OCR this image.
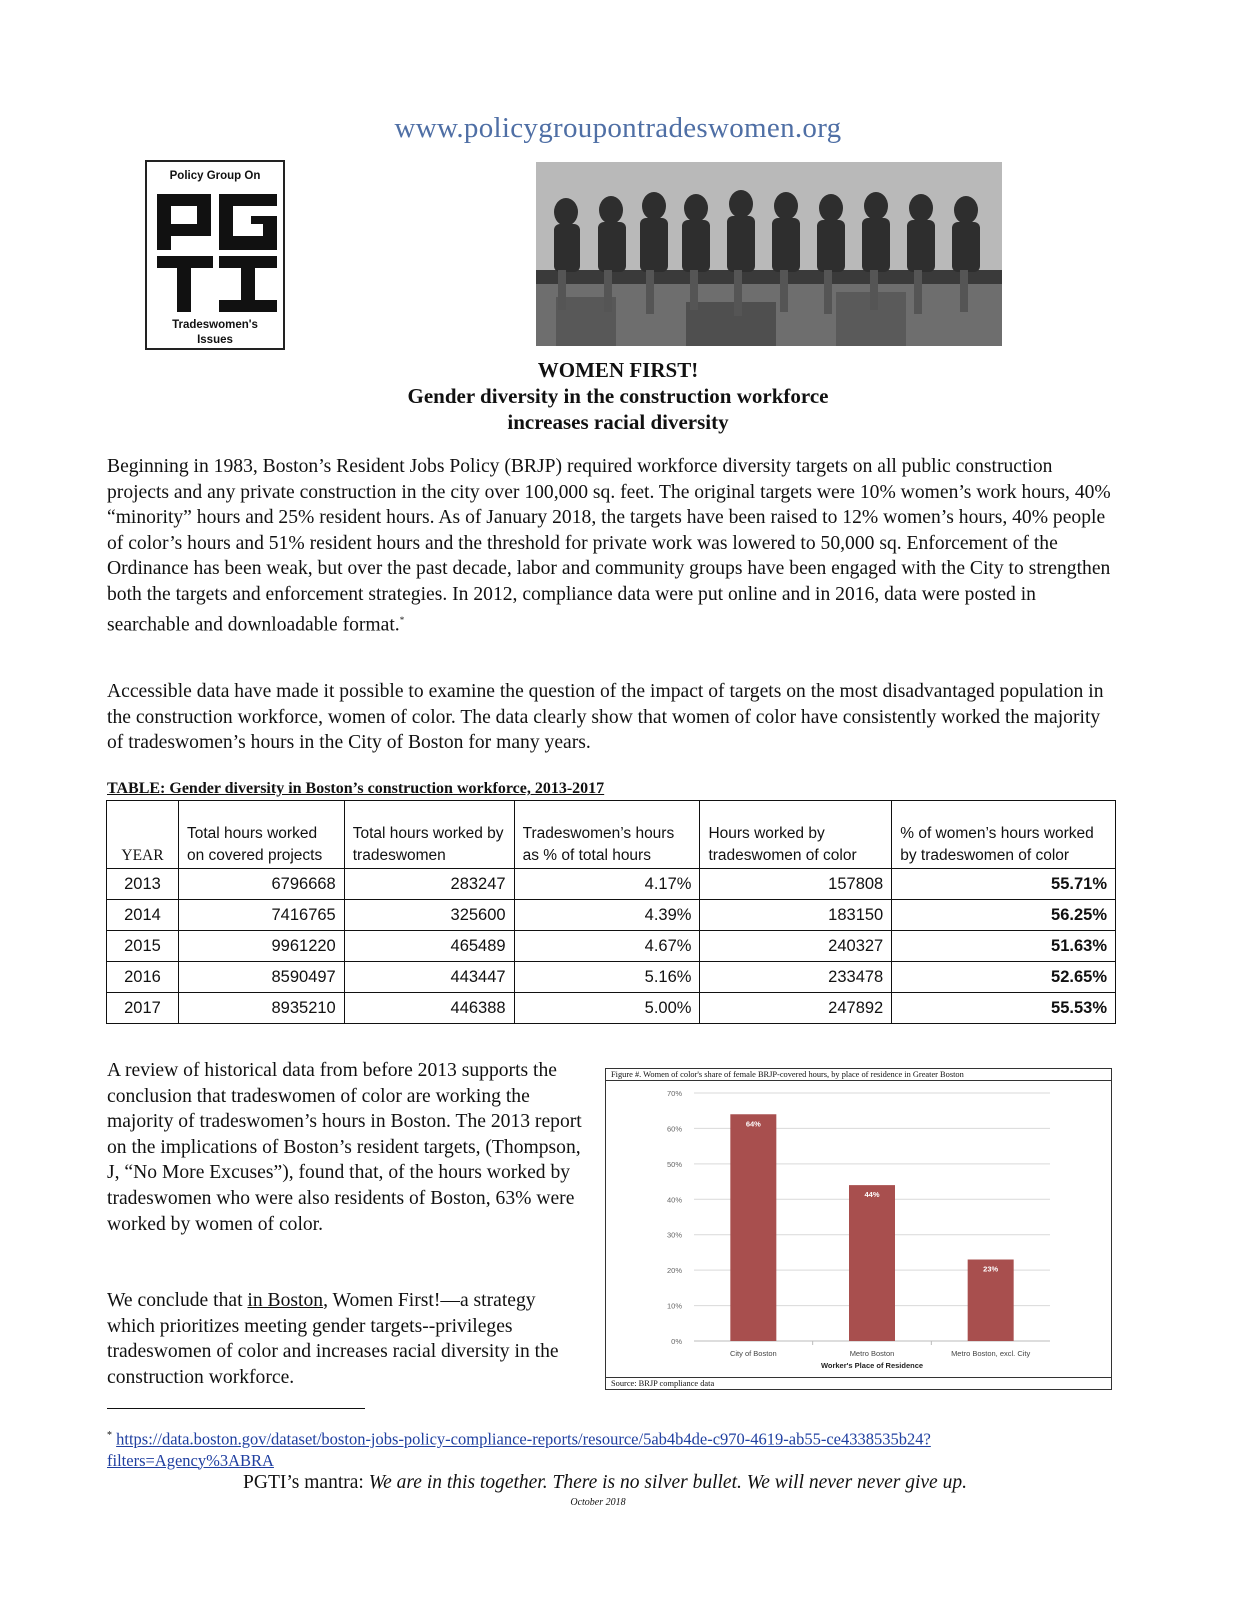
www.policygroupontradeswomen.org
Policy Group On
Tradeswomen's
Issues
WOMEN FIRST!
Gender diversity in the construction workforce
increases racial diversity
Beginning in 1983, Boston’s Resident Jobs Policy (BRJP) required workforce diversity targets on all public construction projects and any private construction in the city over 100,000 sq. feet. The original targets were 10% women’s work hours, 40% “minority” hours and 25% resident hours. As of January 2018, the targets have been raised to 12% women’s hours, 40% people of color’s hours and 51% resident hours and the threshold for private work was lowered to 50,000 sq. Enforcement of the Ordinance has been weak, but over the past decade, labor and community groups have been engaged with the City to strengthen both the targets and enforcement strategies. In 2012, compliance data were put online and in 2016, data were posted in searchable and downloadable format.*
Accessible data have made it possible to examine the question of the impact of targets on the most disadvantaged population in the construction workforce, women of color. The data clearly show that women of color have consistently worked the majority of tradeswomen’s hours in the City of Boston for many years.
TABLE: Gender diversity in Boston’s construction workforce, 2013-2017
YEAR	Total hours worked on covered projects	Total hours worked by tradeswomen	Tradeswomen’s hours as % of total hours	Hours worked by tradeswomen of color	% of women’s hours worked by tradeswomen of color
2013	6796668	283247	4.17%	157808	55.71%
2014	7416765	325600	4.39%	183150	56.25%
2015	9961220	465489	4.67%	240327	51.63%
2016	8590497	443447	5.16%	233478	52.65%
2017	8935210	446388	5.00%	247892	55.53%
A review of historical data from before 2013 supports the conclusion that tradeswomen of color are working the majority of tradeswomen’s hours in Boston. The 2013 report on the implications of Boston’s resident targets, (Thompson, J, “No More Excuses”), found that, of the hours worked by tradeswomen who were also residents of Boston, 63% were worked by women of color.
We conclude that in Boston, Women First!—a strategy which prioritizes meeting gender targets--privileges tradeswomen of color and increases racial diversity in the construction workforce.
Figure #. Women of color's share of female BRJP-covered hours, by place of residence in Greater Boston
0%
10%
20%
30%
40%
50%
60%
70%
64%
City of Boston
44%
Metro Boston
23%
Metro Boston, excl. City
Worker's Place of Residence
Source: BRJP compliance data
* https://data.boston.gov/dataset/boston-jobs-policy-compliance-reports/resource/5ab4b4de-c970-4619-ab55-ce4338535b24?filters=Agency%3ABRA
PGTI’s mantra: We are in this together. There is no silver bullet. We will never never give up.
October 2018
